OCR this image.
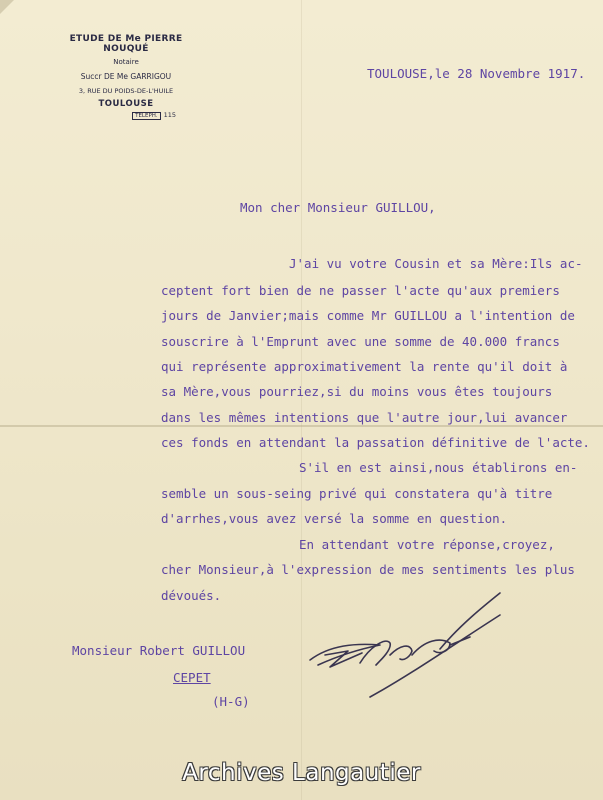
ETUDE DE Me PIERRE NOUQUÉ
Notaire
Succr DE Me GARRIGOU
3, RUE DU POIDS-DE-L'HUILE
TOULOUSE
TÉLÉPH. 115
TOULOUSE,le 28 Novembre 1917.
Mon cher Monsieur GUILLOU,
J'ai vu votre Cousin et sa Mère:Ils ac-
ceptent fort bien de ne passer l'acte qu'aux premiers
jours de Janvier;mais comme Mr GUILLOU a l'intention de
souscrire à l'Emprunt avec une somme de 40.000 francs
qui représente approximativement la rente qu'il doit à
sa Mère,vous pourriez,si du moins vous êtes toujours
dans les mêmes intentions que l'autre jour,lui avancer
ces fonds en attendant la passation définitive de l'acte.
S'il en est ainsi,nous établirons en-
semble un sous-seing privé qui constatera qu'à titre
d'arrhes,vous avez versé la somme en question.
En attendant votre réponse,croyez,
cher Monsieur,à l'expression de mes sentiments les plus
dévoués.
Monsieur Robert GUILLOU
CEPET
(H-G)
Archives Langautier
